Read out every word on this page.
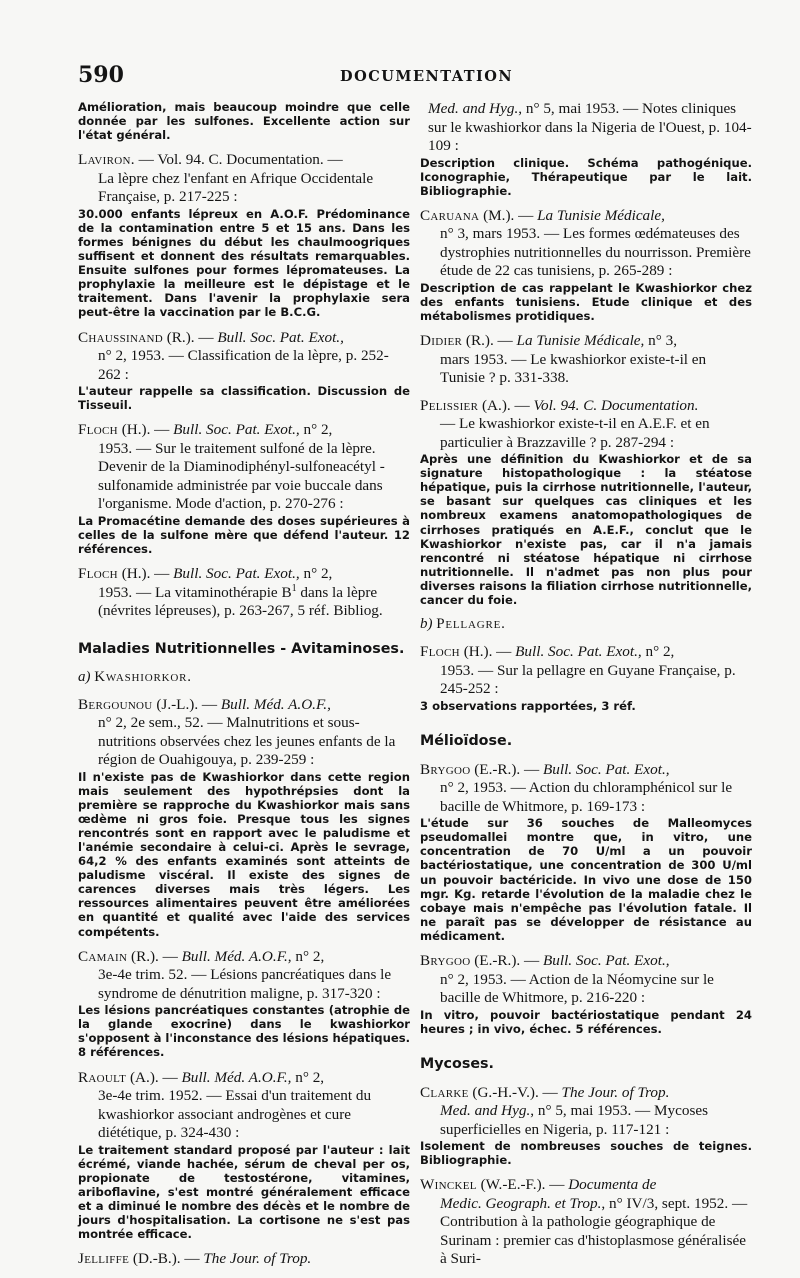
590	DOCUMENTATION
Amélioration, mais beaucoup moindre que celle donnée par les sulfones. Excellente action sur l'état général.
Laviron. — Vol. 94. C. Documentation. —
La lèpre chez l'enfant en Afrique Occidentale Française, p. 217-225 :
30.000 enfants lépreux en A.O.F. Prédominance de la contamination entre 5 et 15 ans. Dans les formes bénignes du début les chaulmoogriques suffisent et donnent des résultats remarquables. Ensuite sulfones pour formes lépromateuses. La prophylaxie la meilleure est le dépistage et le traitement. Dans l'avenir la prophylaxie sera peut-être la vaccination par le B.C.G.
Chaussinand (R.). — Bull. Soc. Pat. Exot.,
n° 2, 1953. — Classification de la lèpre, p. 252-262 :
L'auteur rappelle sa classification. Discussion de Tisseuil.
Floch (H.). — Bull. Soc. Pat. Exot., n° 2,
1953. — Sur le traitement sulfoné de la lèpre. Devenir de la Diaminodiphényl-sulfoneacétyl - sulfonamide administrée par voie buccale dans l'organisme. Mode d'action, p. 270-276 :
La Promacétine demande des doses supérieures à celles de la sulfone mère que défend l'auteur. 12 références.
Floch (H.). — Bull. Soc. Pat. Exot., n° 2,
1953. — La vitaminothérapie $B^1$ dans la lèpre (névrites lépreuses), p. 263-267, 5 réf. Bibliog.
Maladies Nutritionnelles - Avitaminoses.
a) Kwashiorkor.
Bergounou (J.-L.). — Bull. Méd. A.O.F.,
n° 2, 2e sem., 52. — Malnutritions et sous-nutritions observées chez les jeunes enfants de la région de Ouahigouya, p. 239-259 :
Il n'existe pas de Kwashiorkor dans cette region mais seulement des hypothrépsies dont la première se rapproche du Kwashiorkor mais sans œdème ni gros foie. Presque tous les signes rencontrés sont en rapport avec le paludisme et l'anémie secondaire à celui-ci. Après le sevrage, 64,2 % des enfants examinés sont atteints de paludisme viscéral. Il existe des signes de carences diverses mais très légers. Les ressources alimentaires peuvent être améliorées en quantité et qualité avec l'aide des services compétents.
Camain (R.). — Bull. Méd. A.O.F., n° 2,
3e-4e trim. 52. — Lésions pancréatiques dans le syndrome de dénutrition maligne, p. 317-320 :
Les lésions pancréatiques constantes (atrophie de la glande exocrine) dans le kwashiorkor s'opposent à l'inconstance des lésions hépatiques. 8 références.
Raoult (A.). — Bull. Méd. A.O.F., n° 2,
3e-4e trim. 1952. — Essai d'un traitement du kwashiorkor associant androgènes et cure diététique, p. 324-430 :
Le traitement standard proposé par l'auteur : lait écrémé, viande hachée, sérum de cheval per os, propionate de testostérone, vitamines, ariboflavine, s'est montré généralement efficace et a diminué le nombre des décès et le nombre de jours d'hospitalisation. La cortisone ne s'est pas montrée efficace.
Jelliffe (D.-B.). — The Jour. of Trop.
Med. and Hyg., n° 5, mai 1953. — Notes cliniques sur le kwashiorkor dans la Nigeria de l'Ouest, p. 104-109 :
Description clinique. Schéma pathogénique. Iconographie, Thérapeutique par le lait. Bibliographie.
Caruana (M.). — La Tunisie Médicale,
n° 3, mars 1953. — Les formes œdémateuses des dystrophies nutritionnelles du nourrisson. Première étude de 22 cas tunisiens, p. 265-289 :
Description de cas rappelant le Kwashiorkor chez des enfants tunisiens. Etude clinique et des métabolismes protidiques.
Didier (R.). — La Tunisie Médicale, n° 3,
mars 1953. — Le kwashiorkor existe-t-il en Tunisie ? p. 331-338.
Pelissier (A.). — Vol. 94. C. Documentation.
— Le kwashiorkor existe-t-il en A.E.F. et en particulier à Brazzaville ? p. 287-294 :
Après une définition du Kwashiorkor et de sa signature histopathologique : la stéatose hépatique, puis la cirrhose nutritionnelle, l'auteur, se basant sur quelques cas cliniques et les nombreux examens anatomopathologiques de cirrhoses pratiqués en A.E.F., conclut que le Kwashiorkor n'existe pas, car il n'a jamais rencontré ni stéatose hépatique ni cirrhose nutritionnelle. Il n'admet pas non plus pour diverses raisons la filiation cirrhose nutritionnelle, cancer du foie.
b) Pellagre.
Floch (H.). — Bull. Soc. Pat. Exot., n° 2,
1953. — Sur la pellagre en Guyane Française, p. 245-252 :
3 observations rapportées, 3 réf.
Mélioïdose.
Brygoo (E.-R.). — Bull. Soc. Pat. Exot.,
n° 2, 1953. — Action du chloramphénicol sur le bacille de Whitmore, p. 169-173 :
L'étude sur 36 souches de Malleomyces pseudomallei montre que, in vitro, une concentration de 70 U/ml a un pouvoir bactériostatique, une concentration de 300 U/ml un pouvoir bactéricide. In vivo une dose de 150 mgr. Kg. retarde l'évolution de la maladie chez le cobaye mais n'empêche pas l'évolution fatale. Il ne paraît pas se développer de résistance au médicament.
Brygoo (E.-R.). — Bull. Soc. Pat. Exot.,
n° 2, 1953. — Action de la Néomycine sur le bacille de Whitmore, p. 216-220 :
In vitro, pouvoir bactériostatique pendant 24 heures ; in vivo, échec. 5 références.
Mycoses.
Clarke (G.-H.-V.). — The Jour. of Trop.
Med. and Hyg., n° 5, mai 1953. — Mycoses superficielles en Nigeria, p. 117-121 :
Isolement de nombreuses souches de teignes. Bibliographie.
Winckel (W.-E.-F.). — Documenta de
Medic. Geograph. et Trop., n° IV/3, sept. 1952. — Contribution à la pathologie géographique de Surinam : premier cas d'histoplasmose généralisée à Suri-
